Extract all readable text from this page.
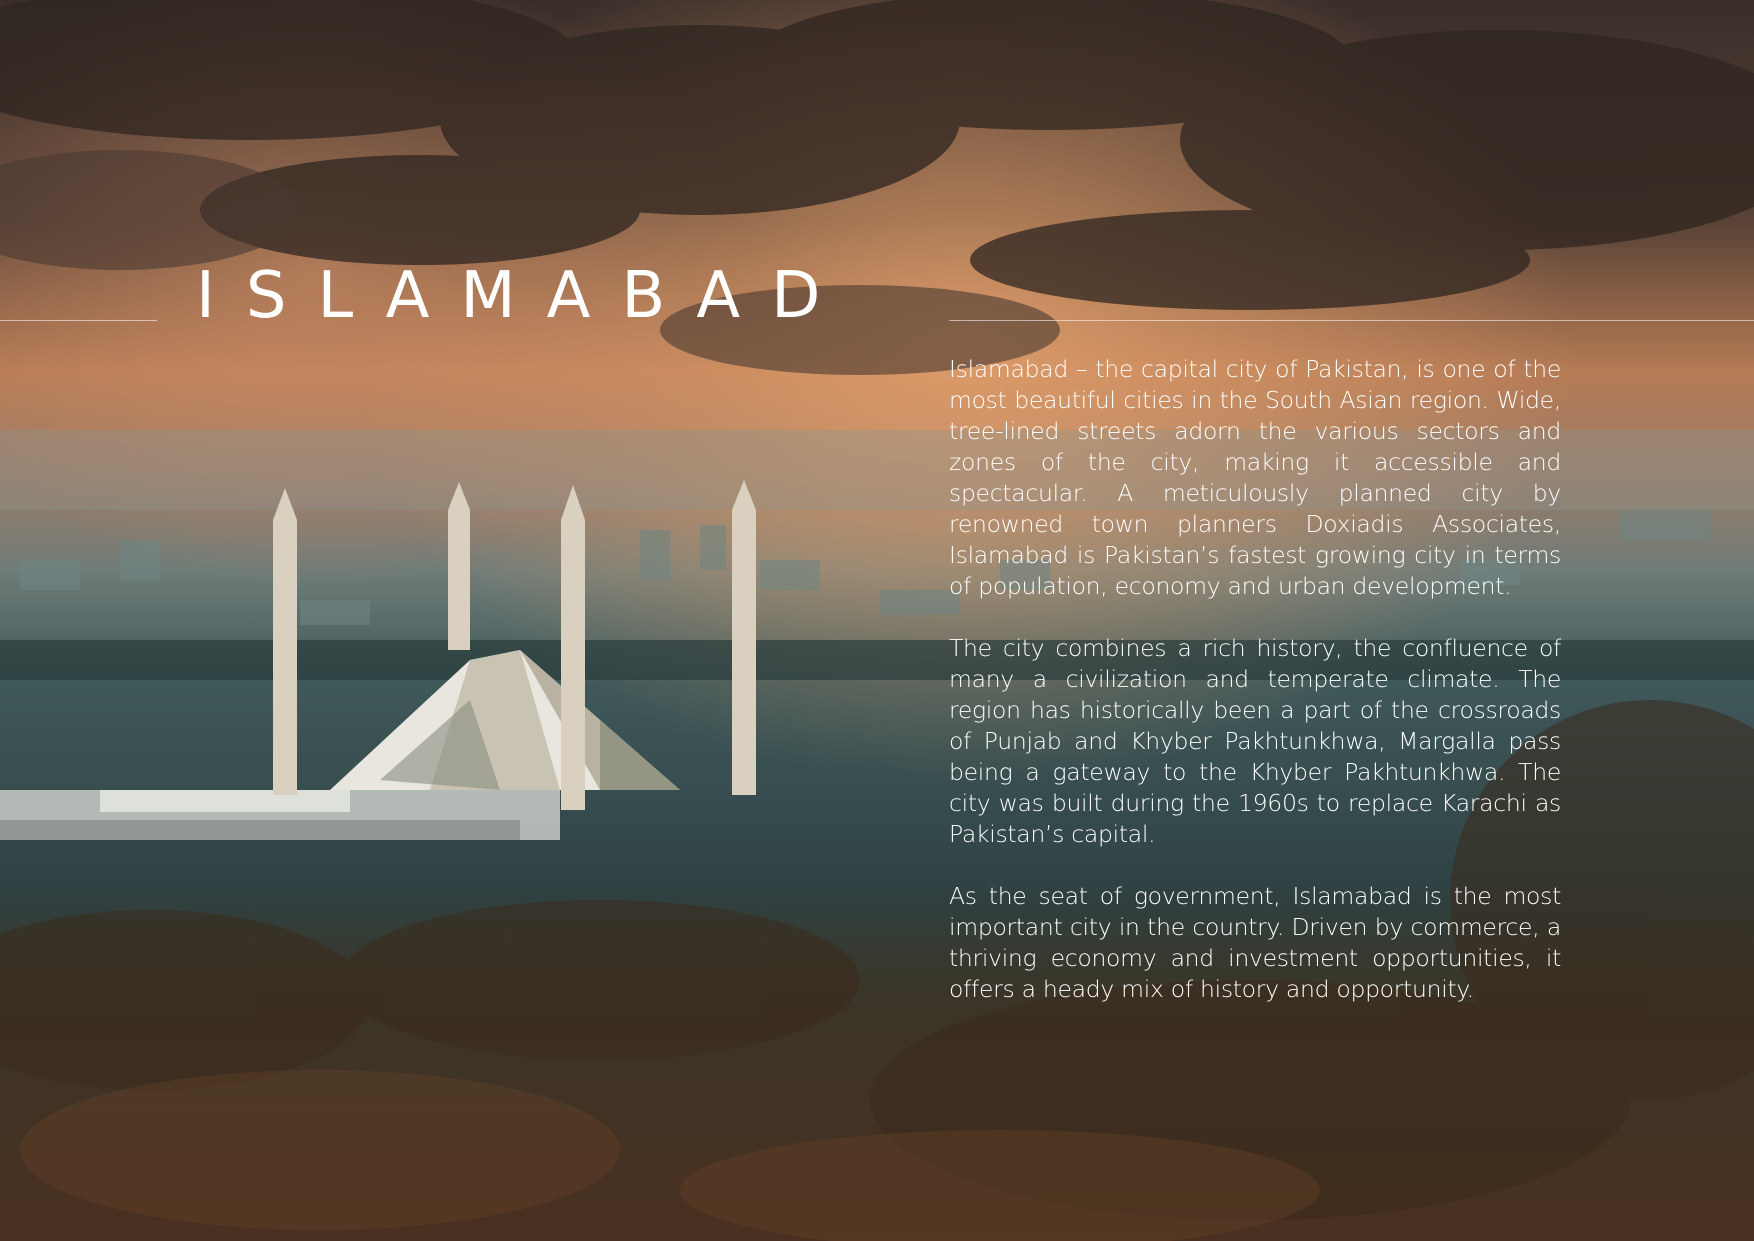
ISLAMABAD

Islamabad – the capital city of Pakistan, is one of the most beautiful cities in the South Asian region. Wide, tree-lined streets adorn the various sectors and zones of the city, making it accessible and spectacular. A meticulously planned city by renowned town planners Doxiadis Associates, Islamabad is Pakistan’s fastest growing city in terms of population, economy and urban development.

The city combines a rich history, the confluence of many a civilization and temperate climate. The region has historically been a part of the crossroads of Punjab and Khyber Pakhtunkhwa, Margalla pass being a gateway to the Khyber Pakhtunkhwa. The city was built during the 1960s to replace Karachi as Pakistan’s capital.

As the seat of government, Islamabad is the most important city in the country. Driven by commerce, a thriving economy and investment opportunities, it offers a heady mix of history and opportunity.
